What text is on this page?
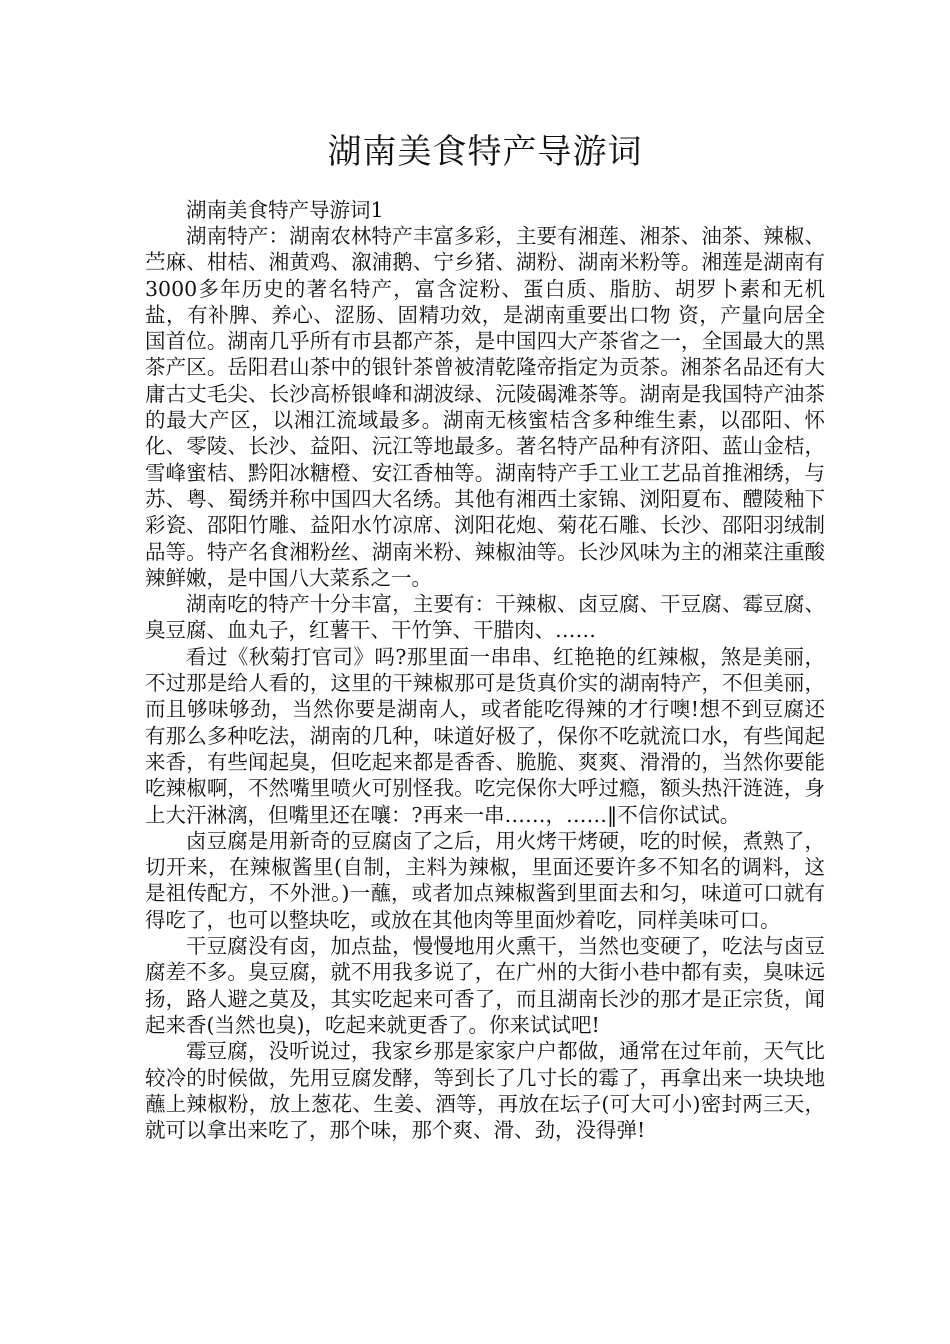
湖南美食特产导游词

湖南美食特产导游词1

湖南特产：湖南农林特产丰富多彩，主要有湘莲、湘茶、油茶、辣椒、苎麻、柑桔、湘黄鸡、溆浦鹅、宁乡猪、湖粉、湖南米粉等。湘莲是湖南有3000多年历史的著名特产，富含淀粉、蛋白质、脂肪、胡罗卜素和无机盐，有补脾、养心、涩肠、固精功效，是湖南重要出口物 资，产量向居全国首位。湖南几乎所有市县都产茶，是中国四大产茶省之一，全国最大的黑茶产区。岳阳君山茶中的银针茶曾被清乾隆帝指定为贡茶。湘茶名品还有大庸古丈毛尖、长沙高桥银峰和湖波绿、沅陵碣滩茶等。湖南是我国特产油茶的最大产区，以湘江流域最多。湖南无核蜜桔含多种维生素，以邵阳、怀化、零陵、长沙、益阳、沅江等地最多。著名特产品种有济阳、蓝山金桔，雪峰蜜桔、黔阳冰糖橙、安江香柚等。湖南特产手工业工艺品首推湘绣，与苏、粤、蜀绣并称中国四大名绣。其他有湘西土家锦、浏阳夏布、醴陵釉下彩瓷、邵阳竹雕、益阳水竹凉席、浏阳花炮、菊花石雕、长沙、邵阳羽绒制品等。特产名食湘粉丝、湖南米粉、辣椒油等。长沙风味为主的湘菜注重酸辣鲜嫩，是中国八大菜系之一。

湖南吃的特产十分丰富，主要有：干辣椒、卤豆腐、干豆腐、霉豆腐、臭豆腐、血丸子，红薯干、干竹笋、干腊肉、……

看过《秋菊打官司》吗?那里面一串串、红艳艳的红辣椒，煞是美丽，不过那是给人看的，这里的干辣椒那可是货真价实的湖南特产，不但美丽，而且够味够劲，当然你要是湖南人，或者能吃得辣的才行噢!想不到豆腐还有那么多种吃法，湖南的几种，味道好极了，保你不吃就流口水，有些闻起来香，有些闻起臭，但吃起来都是香香、脆脆、爽爽、滑滑的，当然你要能吃辣椒啊，不然嘴里喷火可别怪我。吃完保你大呼过瘾，额头热汗涟涟，身上大汗淋漓，但嘴里还在嚷：?再来一串……，……‖不信你试试。

卤豆腐是用新奇的豆腐卤了之后，用火烤干烤硬，吃的时候，煮熟了，切开来，在辣椒酱里(自制，主料为辣椒，里面还要许多不知名的调料，这是祖传配方，不外泄。)一蘸，或者加点辣椒酱到里面去和匀，味道可口就有得吃了，也可以整块吃，或放在其他肉等里面炒着吃，同样美味可口。

干豆腐没有卤，加点盐，慢慢地用火熏干，当然也变硬了，吃法与卤豆腐差不多。臭豆腐，就不用我多说了，在广州的大街小巷中都有卖，臭味远扬，路人避之莫及，其实吃起来可香了，而且湖南长沙的那才是正宗货，闻起来香(当然也臭)，吃起来就更香了。你来试试吧!

霉豆腐，没听说过，我家乡那是家家户户都做，通常在过年前，天气比较冷的时候做，先用豆腐发酵，等到长了几寸长的霉了，再拿出来一块块地蘸上辣椒粉，放上葱花、生姜、酒等，再放在坛子(可大可小)密封两三天，就可以拿出来吃了，那个味，那个爽、滑、劲，没得弹!
